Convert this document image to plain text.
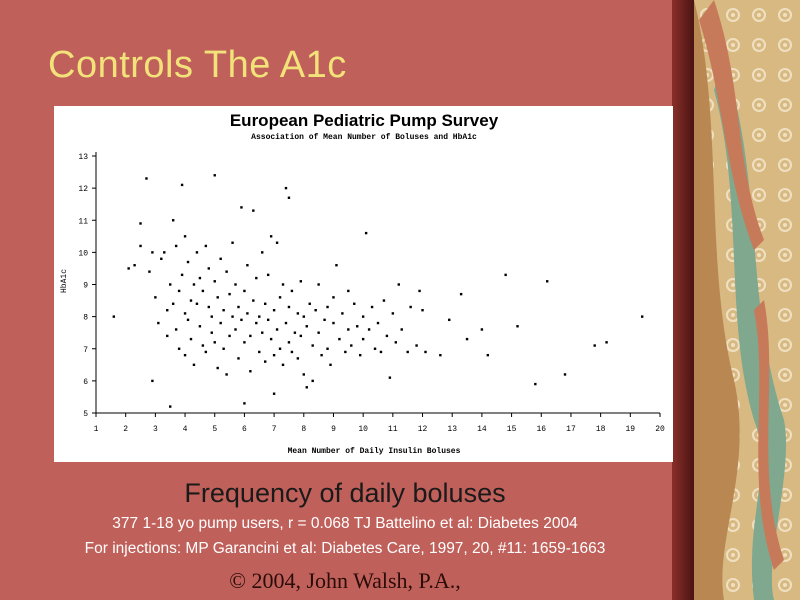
Controls The A1c
European Pediatric Pump Survey
Association of Mean Number of Boluses and HbA1c
Mean Number of Daily Insulin Boluses
HbA1c
5
6
7
8
9
10
11
12
13
1	2	3	4	5	6	7	8	9	10	11	12	13	14	15	16	17	18	19	20
Frequency of daily boluses
377 1-18 yo pump users, r = 0.068 TJ Battelino et al: Diabetes 2004
For injections: MP Garancini et al: Diabetes Care, 1997, 20, #11: 1659-1663
© 2004, John Walsh, P.A.,
